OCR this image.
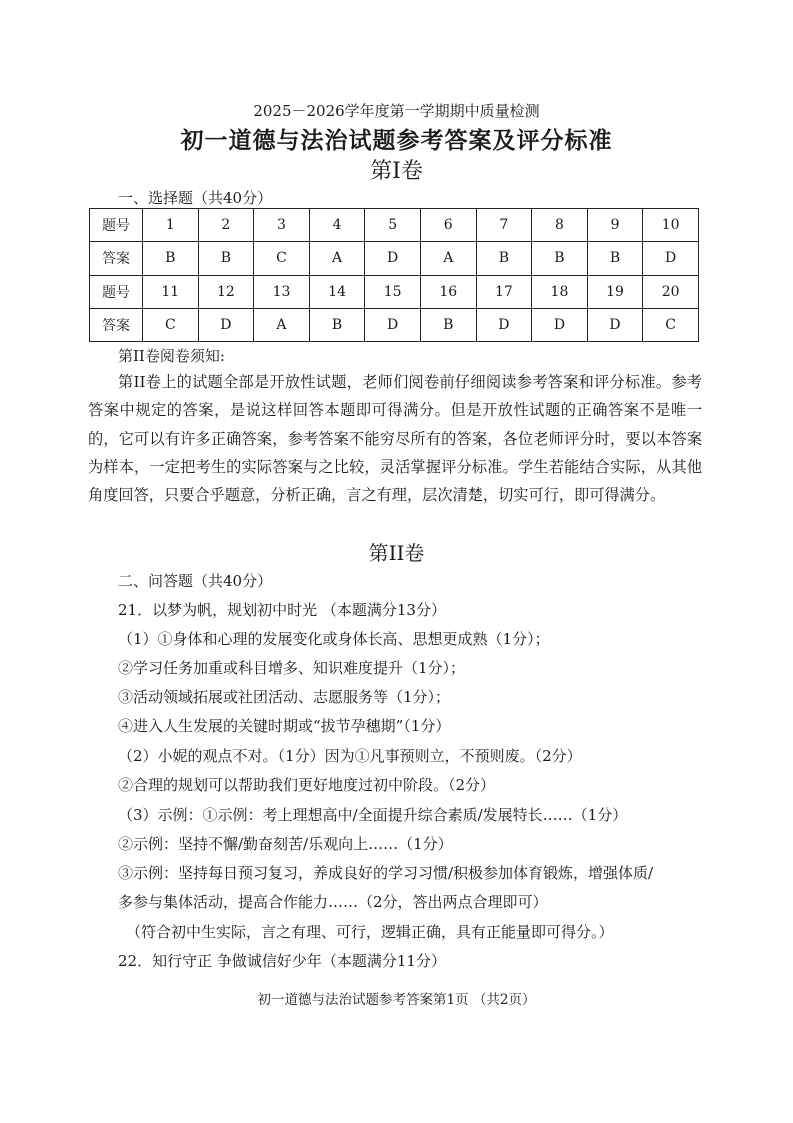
2025－2026学年度第一学期期中质量检测
初一道德与法治试题参考答案及评分标准
第Ⅰ卷
一、选择题（共40分）
题号	1	2	3	4	5	6	7	8	9	10
答案	B	B	C	A	D	A	B	B	B	D
题号	11	12	13	14	15	16	17	18	19	20
答案	C	D	A	B	D	B	D	D	D	C
第II卷阅卷须知:
第II卷上的试题全部是开放性试题，老师们阅卷前仔细阅读参考答案和评分标准。参考答案中规定的答案，是说这样回答本题即可得满分。但是开放性试题的正确答案不是唯一的，它可以有许多正确答案，参考答案不能穷尽所有的答案，各位老师评分时，要以本答案为样本，一定把考生的实际答案与之比较，灵活掌握评分标准。学生若能结合实际，从其他角度回答，只要合乎题意，分析正确，言之有理，层次清楚，切实可行，即可得满分。
第II卷
二、问答题（共40分）
21．以梦为帆，规划初中时光 （本题满分13分）
（1）①身体和心理的发展变化或身体长高、思想更成熟（1分）；
②学习任务加重或科目增多、知识难度提升（1分）；
③活动领域拓展或社团活动、志愿服务等（1分）；
④进入人生发展的关键时期或“拔节孕穗期”（1分）
（2）小妮的观点不对。（1分）因为①凡事预则立，不预则废。（2分）
②合理的规划可以帮助我们更好地度过初中阶段。（2分）
（3）示例：①示例：考上理想高中/全面提升综合素质/发展特长……（1分）
②示例：坚持不懈/勤奋刻苦/乐观向上……（1分）
③示例：坚持每日预习复习，养成良好的学习习惯/积极参加体育锻炼，增强体质/
多参与集体活动，提高合作能力……（2分，答出两点合理即可）
（符合初中生实际，言之有理、可行，逻辑正确，具有正能量即可得分。）
22．知行守正 争做诚信好少年（本题满分11分）
初一道德与法治试题参考答案第1页 （共2页）
